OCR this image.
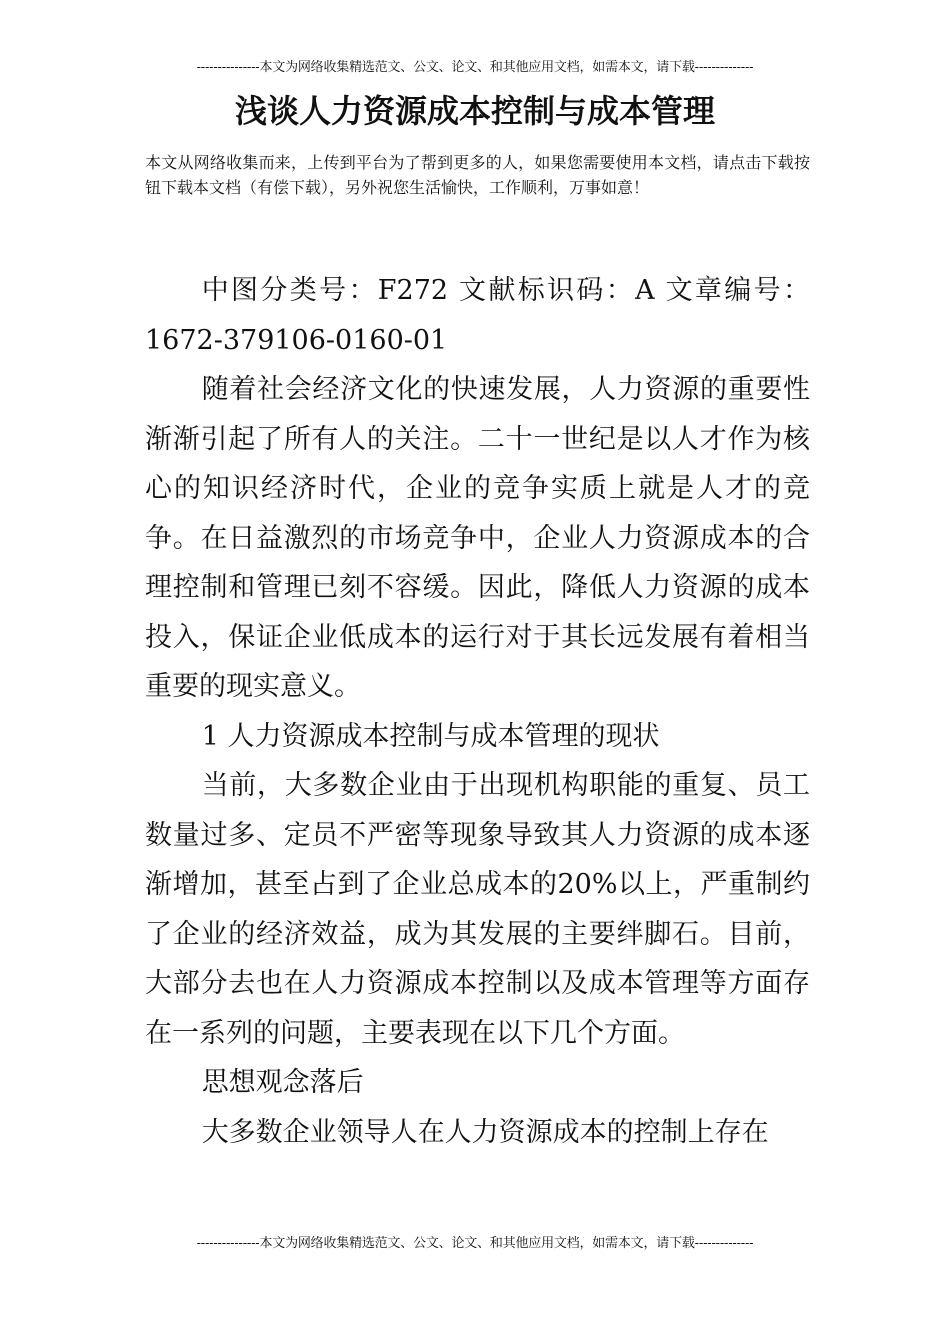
---------------本文为网络收集精选范文、公文、论文、和其他应用文档，如需本文，请下载--------------
浅谈人力资源成本控制与成本管理

本文从网络收集而来，上传到平台为了帮到更多的人，如果您需要使用本文档，请点击下载按钮下载本文档（有偿下载），另外祝您生活愉快，工作顺利，万事如意！

中图分类号：F272 文献标识码：A 文章编号：1672-379106-0160-01

随着社会经济文化的快速发展，人力资源的重要性渐渐引起了所有人的关注。二十一世纪是以人才作为核心的知识经济时代，企业的竞争实质上就是人才的竞争。在日益激烈的市场竞争中，企业人力资源成本的合理控制和管理已刻不容缓。因此，降低人力资源的成本投入，保证企业低成本的运行对于其长远发展有着相当重要的现实意义。

1 人力资源成本控制与成本管理的现状

当前，大多数企业由于出现机构职能的重复、员工数量过多、定员不严密等现象导致其人力资源的成本逐渐增加，甚至占到了企业总成本的20%以上，严重制约了企业的经济效益，成为其发展的主要绊脚石。目前，大部分去也在人力资源成本控制以及成本管理等方面存在一系列的问题，主要表现在以下几个方面。

思想观念落后

大多数企业领导人在人力资源成本的控制上存在

---------------本文为网络收集精选范文、公文、论文、和其他应用文档，如需本文，请下载--------------
